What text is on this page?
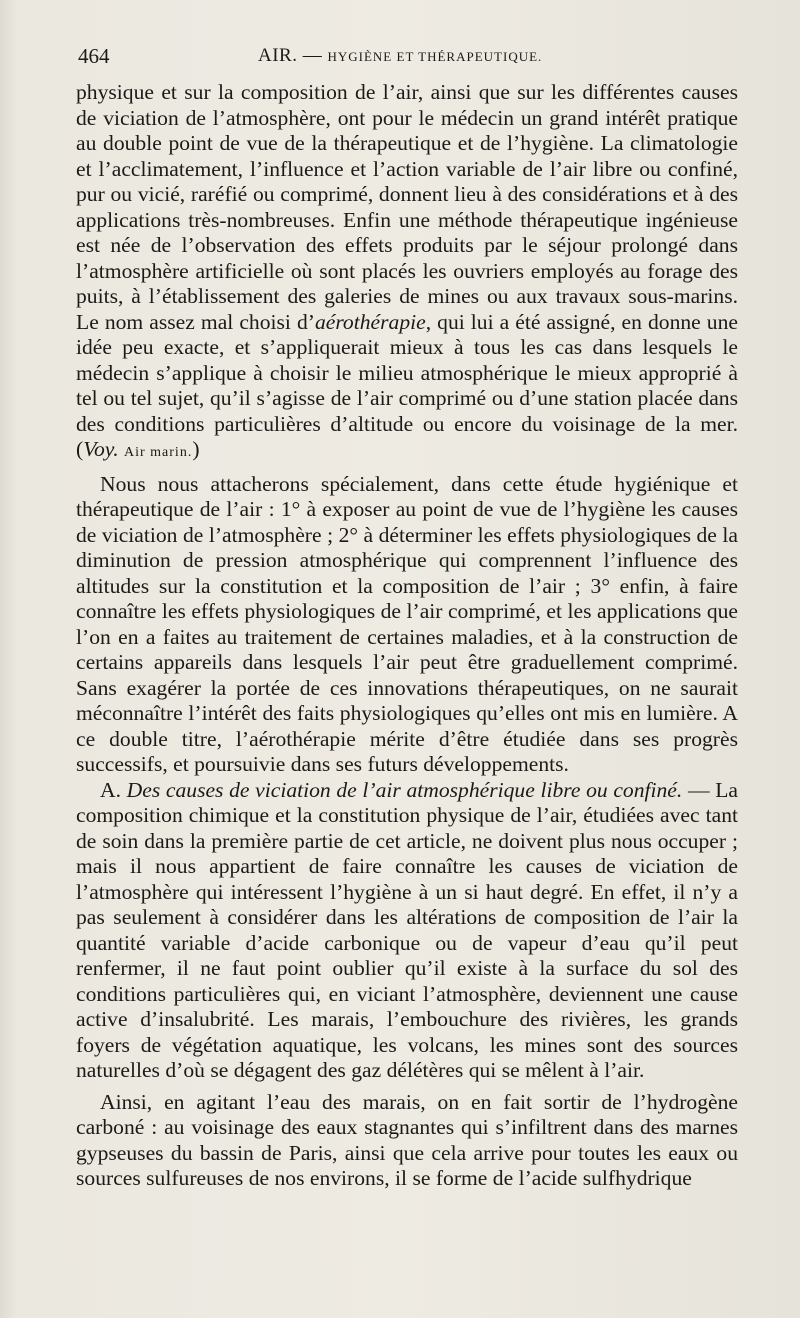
464	AIR. — HYGIÈNE ET THÉRAPEUTIQUE.

physique et sur la composition de l’air, ainsi que sur les différentes causes de viciation de l’atmosphère, ont pour le médecin un grand intérêt pratique au double point de vue de la thérapeutique et de l’hygiène. La climatologie et l’acclimatement, l’influence et l’action variable de l’air libre ou confiné, pur ou vicié, raréfié ou comprimé, donnent lieu à des considérations et à des applications très-nombreuses. Enfin une méthode thérapeutique ingénieuse est née de l’observation des effets produits par le séjour prolongé dans l’atmosphère artificielle où sont placés les ouvriers employés au forage des puits, à l’établissement des galeries de mines ou aux travaux sous-marins. Le nom assez mal choisi d’aérothérapie, qui lui a été assigné, en donne une idée peu exacte, et s’appliquerait mieux à tous les cas dans lesquels le médecin s’applique à choisir le milieu atmosphérique le mieux approprié à tel ou tel sujet, qu’il s’agisse de l’air comprimé ou d’une station placée dans des conditions particulières d’altitude ou encore du voisinage de la mer. (Voy. Air marin.)

Nous nous attacherons spécialement, dans cette étude hygiénique et thérapeutique de l’air : 1° à exposer au point de vue de l’hygiène les causes de viciation de l’atmosphère ; 2° à déterminer les effets physiologiques de la diminution de pression atmosphérique qui comprennent l’influence des altitudes sur la constitution et la composition de l’air ; 3° enfin, à faire connaître les effets physiologiques de l’air comprimé, et les applications que l’on en a faites au traitement de certaines maladies, et à la construction de certains appareils dans lesquels l’air peut être graduellement comprimé. Sans exagérer la portée de ces innovations thérapeutiques, on ne saurait méconnaître l’intérêt des faits physiologiques qu’elles ont mis en lumière. A ce double titre, l’aérothérapie mérite d’être étudiée dans ses progrès successifs, et poursuivie dans ses futurs développements.

A. Des causes de viciation de l’air atmosphérique libre ou confiné. — La composition chimique et la constitution physique de l’air, étudiées avec tant de soin dans la première partie de cet article, ne doivent plus nous occuper ; mais il nous appartient de faire connaître les causes de viciation de l’atmosphère qui intéressent l’hygiène à un si haut degré. En effet, il n’y a pas seulement à considérer dans les altérations de composition de l’air la quantité variable d’acide carbonique ou de vapeur d’eau qu’il peut renfermer, il ne faut point oublier qu’il existe à la surface du sol des conditions particulières qui, en viciant l’atmosphère, deviennent une cause active d’insalubrité. Les marais, l’embouchure des rivières, les grands foyers de végétation aquatique, les volcans, les mines sont des sources naturelles d’où se dégagent des gaz délétères qui se mêlent à l’air.

Ainsi, en agitant l’eau des marais, on en fait sortir de l’hydrogène carboné : au voisinage des eaux stagnantes qui s’infiltrent dans des marnes gypseuses du bassin de Paris, ainsi que cela arrive pour toutes les eaux ou sources sulfureuses de nos environs, il se forme de l’acide sulfhydrique
